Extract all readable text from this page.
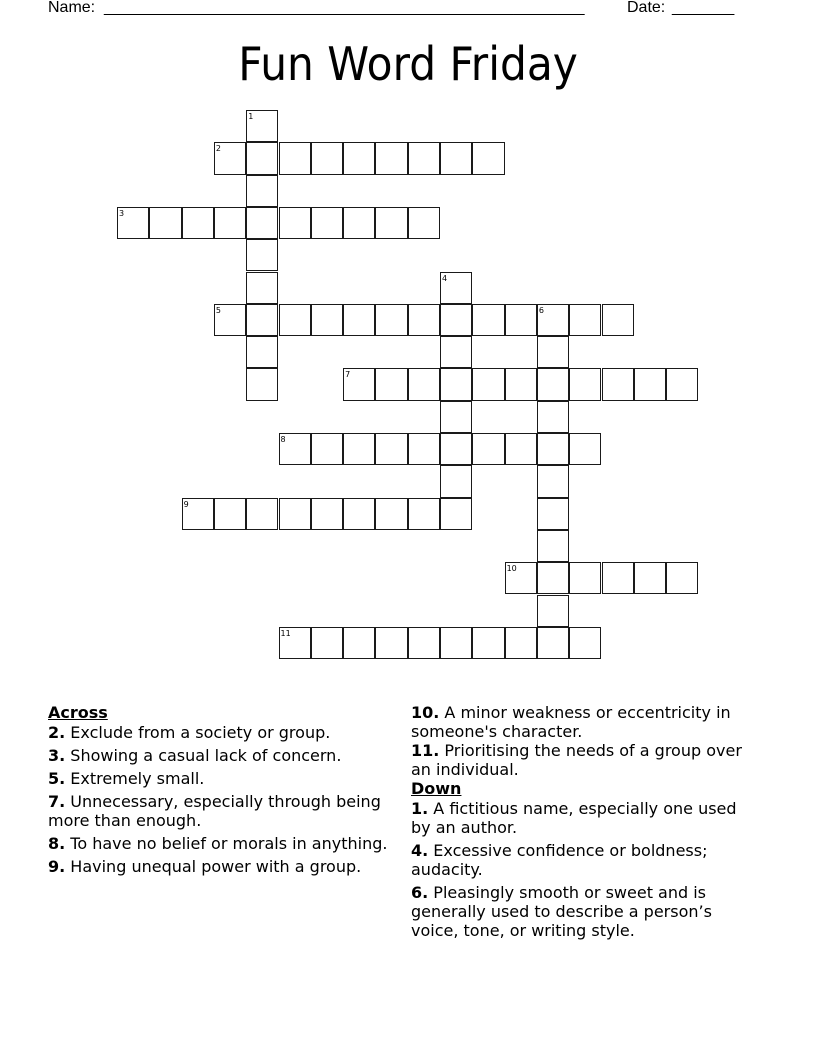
Name: ______________________________________________________	Date: _______
Fun Word Friday
1
2
3
4
5	6
7
8
9
10
11
Across
2. Exclude from a society or group.
3. Showing a casual lack of concern.
5. Extremely small.
7. Unnecessary, especially through being more than enough.
8. To have no belief or morals in anything.
9. Having unequal power with a group.
10. A minor weakness or eccentricity in someone's character.
11. Prioritising the needs of a group over an individual.
Down
1. A fictitious name, especially one used by an author.
4. Excessive confidence or boldness; audacity.
6. Pleasingly smooth or sweet and is generally used to describe a person’s voice, tone, or writing style.
